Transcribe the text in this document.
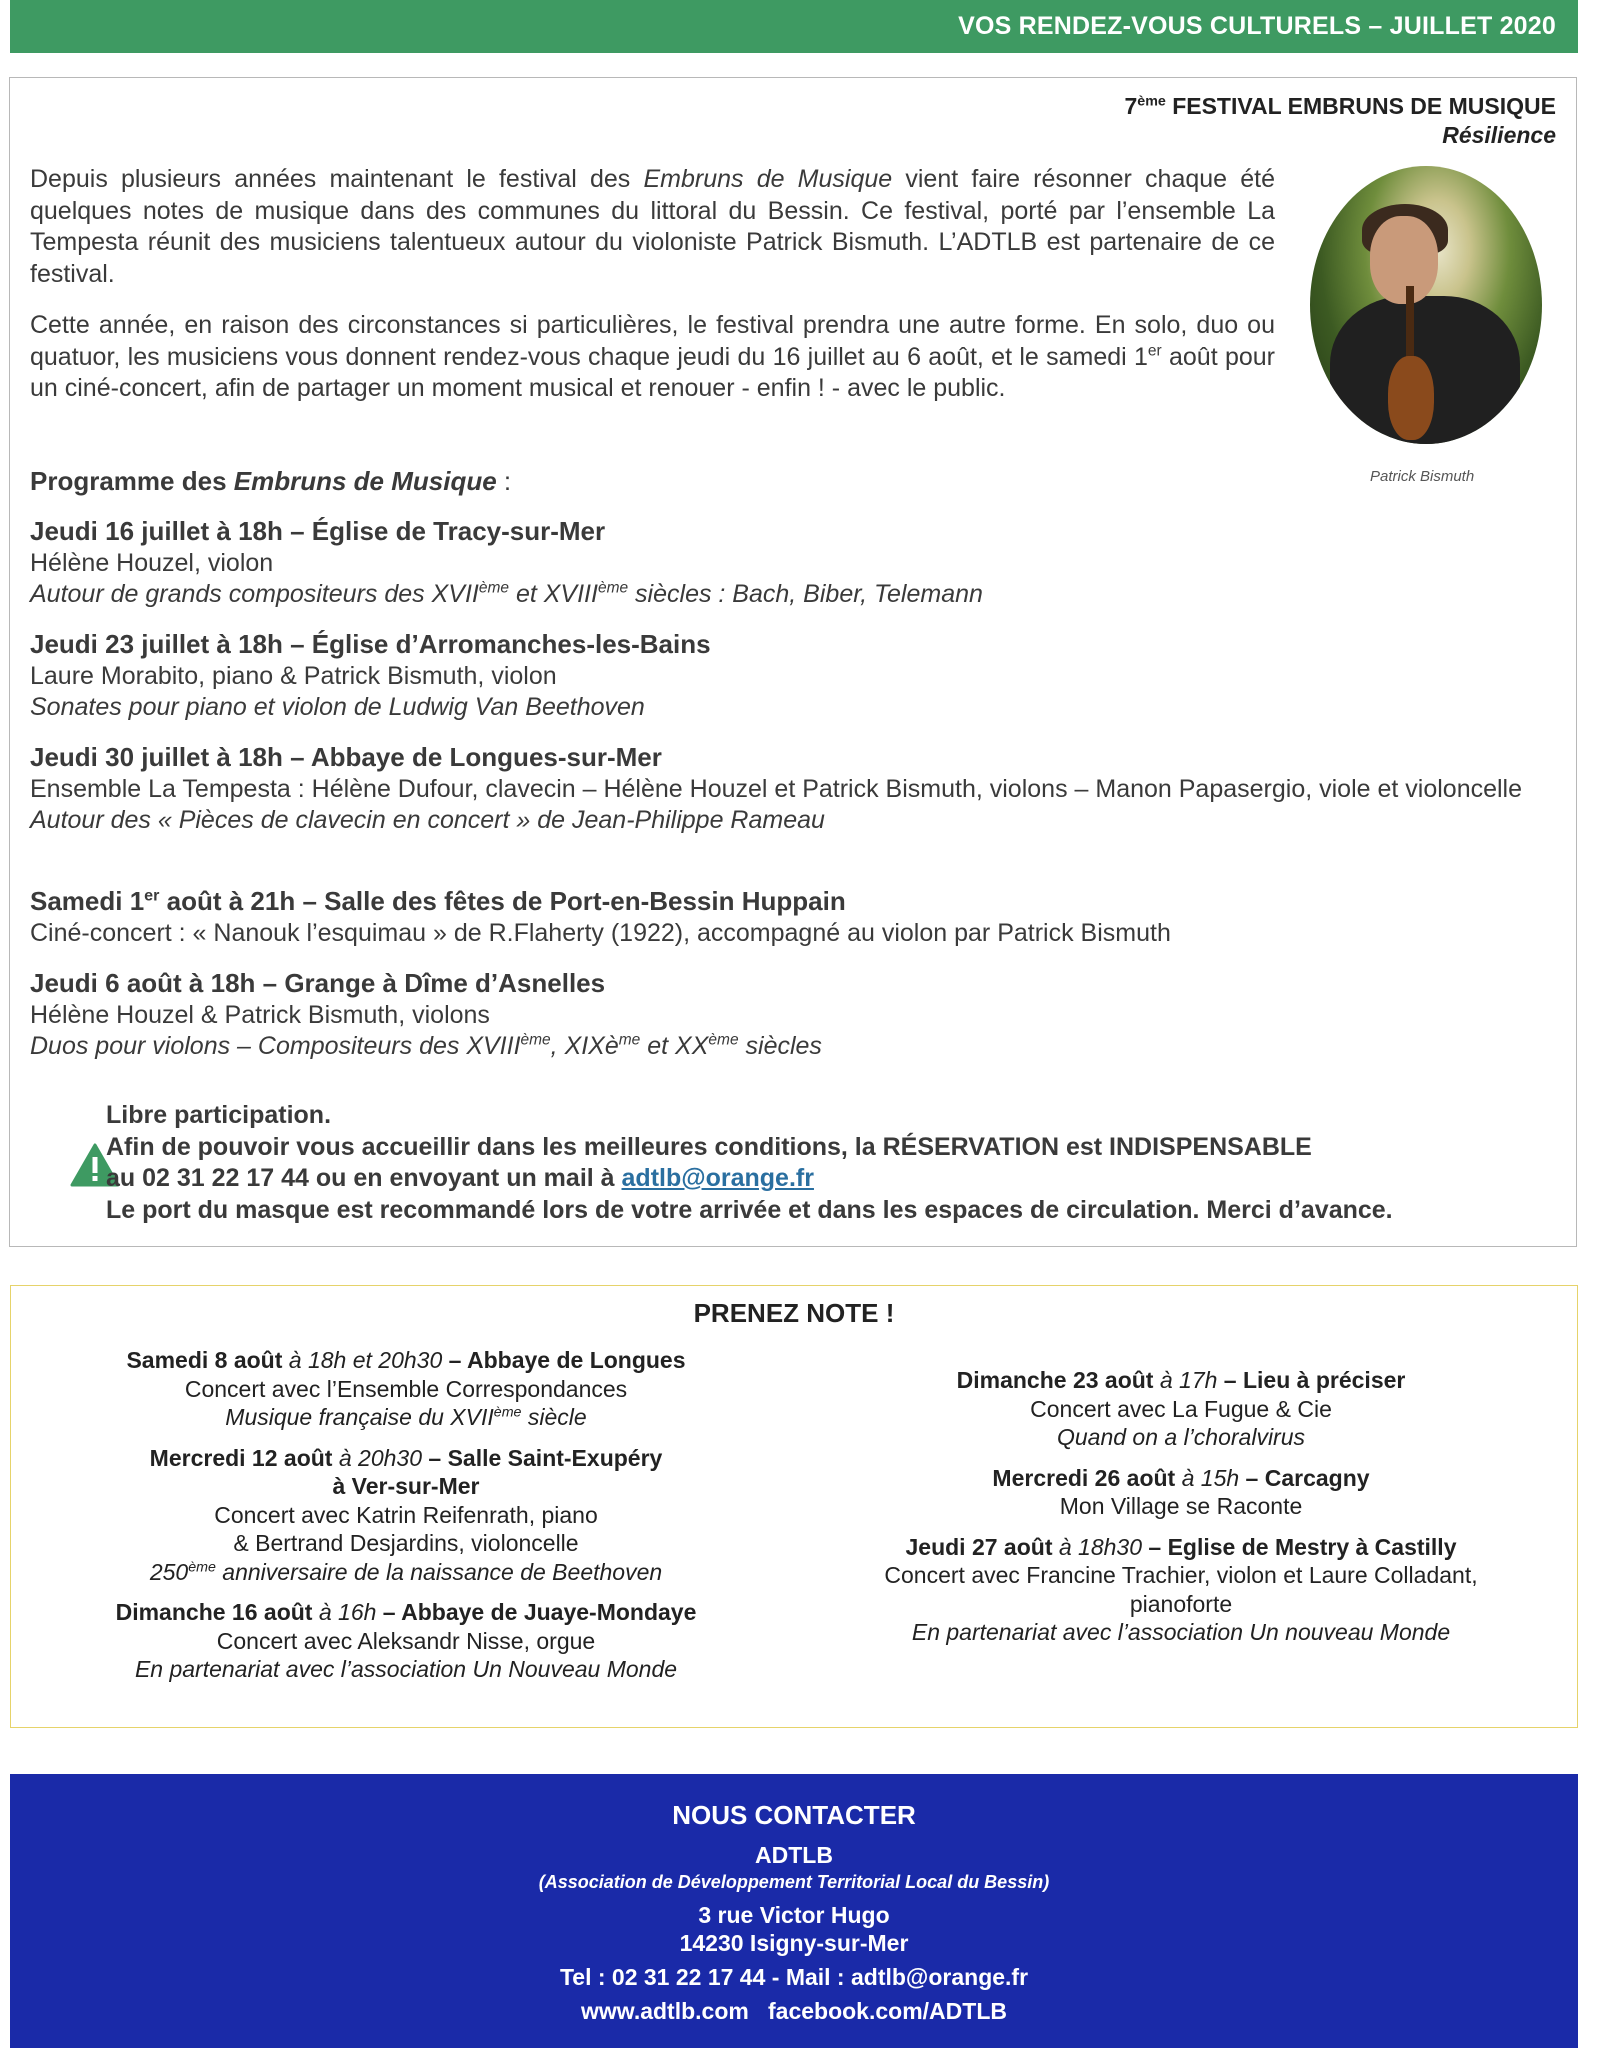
VOS RENDEZ-VOUS CULTURELS – JUILLET 2020
7ème FESTIVAL EMBRUNS DE MUSIQUE
Résilience
Depuis plusieurs années maintenant le festival des Embruns de Musique vient faire résonner chaque été quelques notes de musique dans des communes du littoral du Bessin. Ce festival, porté par l’ensemble La Tempesta réunit des musiciens talentueux autour du violoniste Patrick Bismuth. L’ADTLB est partenaire de ce festival.
Cette année, en raison des circonstances si particulières, le festival prendra une autre forme. En solo, duo ou quatuor, les musiciens vous donnent rendez-vous chaque jeudi du 16 juillet au 6 août, et le samedi 1er août pour un ciné-concert, afin de partager un moment musical et renouer - enfin ! - avec le public.
Patrick Bismuth
Programme des Embruns de Musique :
Jeudi 16 juillet à 18h – Église de Tracy-sur-Mer
Hélène Houzel, violon
Autour de grands compositeurs des XVIIème et XVIIIème siècles : Bach, Biber, Telemann
Jeudi 23 juillet à 18h – Église d’Arromanches-les-Bains
Laure Morabito, piano & Patrick Bismuth, violon
Sonates pour piano et violon de Ludwig Van Beethoven
Jeudi 30 juillet à 18h – Abbaye de Longues-sur-Mer
Ensemble La Tempesta : Hélène Dufour, clavecin – Hélène Houzel et Patrick Bismuth, violons – Manon Papasergio, viole et violoncelle
Autour des « Pièces de clavecin en concert » de Jean-Philippe Rameau
Samedi 1er août à 21h – Salle des fêtes de Port-en-Bessin Huppain
Ciné-concert : « Nanouk l’esquimau » de R.Flaherty (1922), accompagné au violon par Patrick Bismuth
Jeudi 6 août à 18h – Grange à Dîme d’Asnelles
Hélène Houzel & Patrick Bismuth, violons
Duos pour violons – Compositeurs des XVIIIème, XIXè$^{me}$ et XXème siècles
Libre participation.
Afin de pouvoir vous accueillir dans les meilleures conditions, la RÉSERVATION est INDISPENSABLE
au 02 31 22 17 44 ou en envoyant un mail à adtlb@orange.fr
Le port du masque est recommandé lors de votre arrivée et dans les espaces de circulation. Merci d’avance.
PRENEZ NOTE !
Samedi 8 août à 18h et 20h30 – Abbaye de Longues
Concert avec l’Ensemble Correspondances
Musique française du XVIIème siècle
Mercredi 12 août à 20h30 – Salle Saint-Exupéry
à Ver-sur-Mer
Concert avec Katrin Reifenrath, piano
& Bertrand Desjardins, violoncelle
250ème anniversaire de la naissance de Beethoven
Dimanche 16 août à 16h – Abbaye de Juaye-Mondaye
Concert avec Aleksandr Nisse, orgue
En partenariat avec l’association Un Nouveau Monde
Dimanche 23 août à 17h – Lieu à préciser
Concert avec La Fugue & Cie
Quand on a l’choralvirus
Mercredi 26 août à 15h – Carcagny
Mon Village se Raconte
Jeudi 27 août à 18h30 – Eglise de Mestry à Castilly
Concert avec Francine Trachier, violon et Laure Colladant,
pianoforte
En partenariat avec l’association Un nouveau Monde
NOUS CONTACTER
ADTLB
(Association de Développement Territorial Local du Bessin)
3 rue Victor Hugo
14230 Isigny-sur-Mer
Tel : 02 31 22 17 44 - Mail : adtlb@orange.fr
www.adtlb.com   facebook.com/ADTLB
